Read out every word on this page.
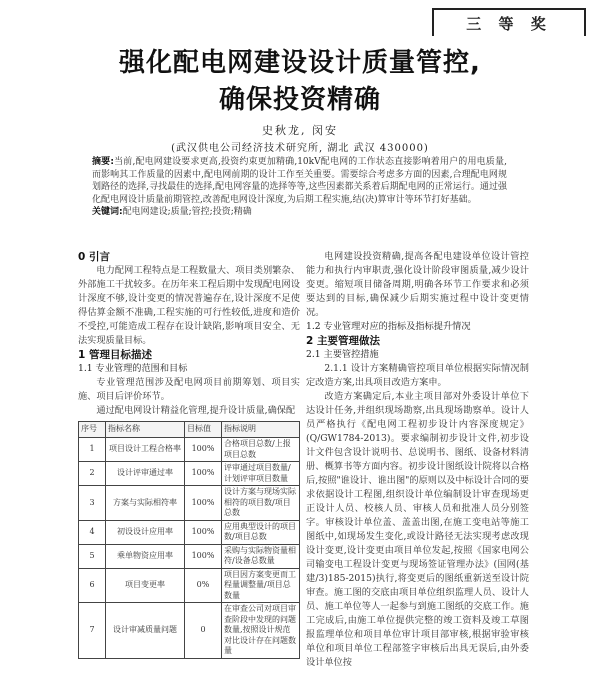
三 等 奖
强化配电网建设设计质量管控,
确保投资精确
史秋龙, 闵安
(武汉供电公司经济技术研究所, 湖北 武汉 430000)
摘要:当前,配电网建设要求更高,投资约束更加精确,10kV配电网的工作状态直接影响着用户的用电质量,而影响其工作质量的因素中,配电网前期的设计工作至关重要。需要综合考虑多方面的因素,合理配电网规划路径的选择,寻找最佳的选择,配电网容量的选择等等,这些因素都关系着后期配电网的正常运行。通过强化配电网设计质量前期管控,改善配电网设计深度,为后期工程实施,结(决)算审计等环节打好基础。
关键词:配电网建设;质量;管控;投资;精确

0 引言

电力配网工程特点是工程数量大、项目类别繁杂、外部施工干扰较多。在历年来工程后期中发现配电网设计深度不够,设计变更的情况普遍存在,设计深度不足使得估算金额不准确,工程实施的可行性较低,进度和造价不受控,可能造成工程存在设计缺陷,影响项目安全、无法实现质量目标。

1 管理目标描述

1.1 专业管理的范围和目标

专业管理范围涉及配电网项目前期筹划、项目实施、项目后评价环节。

通过配电网设计精益化管理,提升设计质量,确保配

序号	指标名称	目标值	指标说明
1	项目设计工程合格率	100%	合格项目总数/上报项目总数
2	设计评审通过率	100%	评审通过项目数量/计划评审项目数量
3	方案与实际相符率	100%	设计方案与现场实际相符的项目数/项目总数
4	初设设计应用率	100%	应用典型设计的项目数/项目总数
5	乘单物资应用率	100%	采购与实际物资量相符/设备总数量
6	项目变更率	0%	项目因方案变更而工程量调整量/项目总数量
7	设计审减质量问题	0	在审查公司对项目审查阶段中发现的问题数量,按照设计规范对比设计存在问题数量

电网建设投资精确,提高各配电建设单位设计管控能力和执行内审职责,强化设计阶段审图质量,减少设计变更。缩短项目储备周期,明确各环节工作要求和必须要达到的目标,确保减少后期实施过程中设计变更情况。

1.2 专业管理对应的指标及指标提升情况

2 主要管理做法

2.1 主要管控措施

2.1.1 设计方案精确管控项目单位根据实际情况制定改造方案,出具项目改造方案申。

改造方案确定后,本业主项目部对外委设计单位下达设计任务,并组织现场勘察,出具现场勘察单。设计人员严格执行《配电网工程初步设计内容深度规定》(Q/GW1784-2013)。要求编制初步设计文件,初步设计文件包含设计说明书、总说明书、图纸、设备材料清册、概算书等方面内容。初步设计图纸设计院将以合格后,按照"谁设计、谁出图"的原则以及中标设计合同的要求依据设计工程图,组织设计单位编制设计审查现场更正设计人员、校核人员、审核人员和批准人员分别签字。审核设计单位盖、盖盖出图,在施工变电站等施工图纸中,如现场发生变化,或设计路径无法实现考虑改现设计变更,设计变更由项目单位发起,按照《国家电网公司输变电工程设计变更与现场签证管理办法》(国网(基建/3)185-2015)执行,将变更后的图纸重新送至设计院审查。施工图的交底由项目单位组织监理人员、设计人员、施工单位等人一起参与到施工图纸的交底工作。施工完成后,由施工单位提供完整的竣工资料及竣工草图报监理单位和项目单位审计项目部审核,根据审验审核单位和项目单位工程部签字审核后出具无误后,由外委设计单位按
